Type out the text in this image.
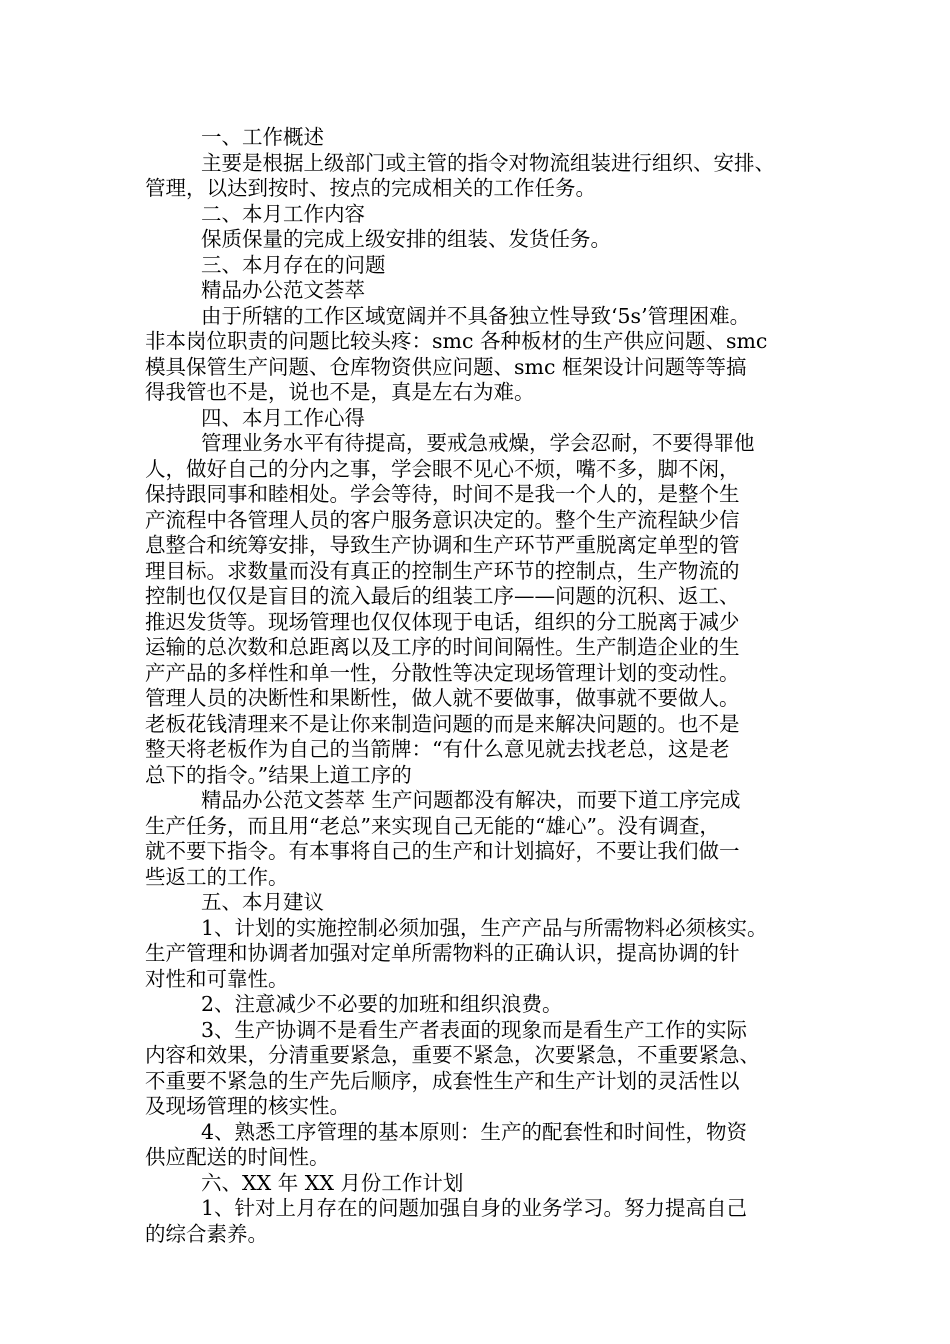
一、工作概述
主要是根据上级部门或主管的指令对物流组装进行组织、安排、
管理，以达到按时、按点的完成相关的工作任务。
二、本月工作内容
保质保量的完成上级安排的组装、发货任务。
三、本月存在的问题
精品办公范文荟萃
由于所辖的工作区域宽阔并不具备独立性导致‘5s’管理困难。
非本岗位职责的问题比较头疼：smc 各种板材的生产供应问题、smc
模具保管生产问题、仓库物资供应问题、smc 框架设计问题等等搞
得我管也不是，说也不是，真是左右为难。
四、本月工作心得
管理业务水平有待提高，要戒急戒燥，学会忍耐，不要得罪他
人，做好自己的分内之事，学会眼不见心不烦，嘴不多，脚不闲，
保持跟同事和睦相处。学会等待，时间不是我一个人的，是整个生
产流程中各管理人员的客户服务意识决定的。整个生产流程缺少信
息整合和统筹安排，导致生产协调和生产环节严重脱离定单型的管
理目标。求数量而没有真正的控制生产环节的控制点，生产物流的
控制也仅仅是盲目的流入最后的组装工序——问题的沉积、返工、
推迟发货等。现场管理也仅仅体现于电话，组织的分工脱离于减少
运输的总次数和总距离以及工序的时间间隔性。生产制造企业的生
产产品的多样性和单一性，分散性等决定现场管理计划的变动性。
管理人员的决断性和果断性，做人就不要做事，做事就不要做人。
老板花钱清理来不是让你来制造问题的而是来解决问题的。也不是
整天将老板作为自己的当箭牌：“有什么意见就去找老总，这是老
总下的指令。”结果上道工序的
精品办公范文荟萃 生产问题都没有解决，而要下道工序完成
生产任务，而且用“老总”来实现自己无能的“雄心”。没有调查，
就不要下指令。有本事将自己的生产和计划搞好，不要让我们做一
些返工的工作。
五、本月建议
1、计划的实施控制必须加强，生产产品与所需物料必须核实。
生产管理和协调者加强对定单所需物料的正确认识，提高协调的针
对性和可靠性。
2、注意减少不必要的加班和组织浪费。
3、生产协调不是看生产者表面的现象而是看生产工作的实际
内容和效果，分清重要紧急，重要不紧急，次要紧急，不重要紧急、
不重要不紧急的生产先后顺序，成套性生产和生产计划的灵活性以
及现场管理的核实性。
4、熟悉工序管理的基本原则：生产的配套性和时间性，物资
供应配送的时间性。
六、XX 年 XX 月份工作计划
1、针对上月存在的问题加强自身的业务学习。努力提高自己
的综合素养。
